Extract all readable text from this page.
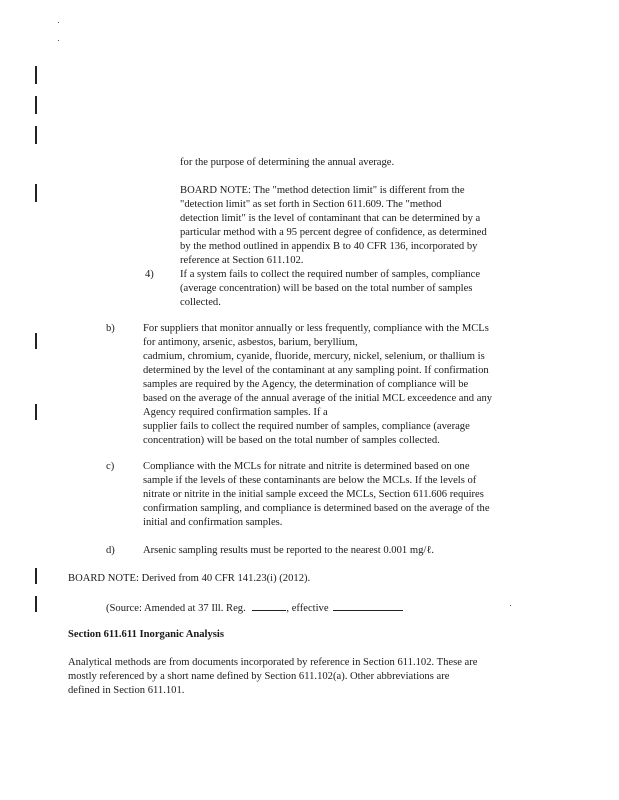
for the purpose of determining the annual average.

BOARD NOTE: The "method detection limit" is different from the

"detection limit" as set forth in Section 611.609. The "method

detection limit" is the level of contaminant that can be determined by a

particular method with a 95 percent degree of confidence, as determined

by the method outlined in appendix B to 40 CFR 136, incorporated by

reference at Section 611.102.

4) If a system fails to collect the required number of samples, compliance

(average concentration) will be based on the total number of samples

collected.

b)	For suppliers that monitor annually or less frequently, compliance with the MCLs

for antimony, arsenic, asbestos, barium, beryllium,

cadmium, chromium, cyanide, fluoride, mercury, nickel, selenium, or thallium is

determined by the level of the contaminant at any sampling point. If confirmation

samples are required by the Agency, the determination of compliance will be

based on the average of the annual average of the initial MCL exceedence and any

Agency required confirmation samples. If a

supplier fails to collect the required number of samples, compliance (average

concentration) will be based on the total number of samples collected.

c)	Compliance with the MCLs for nitrate and nitrite is determined based on one

sample if the levels of these contaminants are below the MCLs. If the levels of

nitrate or nitrite in the initial sample exceed the MCLs, Section 611.606 requires

confirmation sampling, and compliance is determined based on the average of the

initial and confirmation samples.

d)	Arsenic sampling results must be reported to the nearest 0.001 mg/ℓ.

BOARD NOTE: Derived from 40 CFR 141.23(i) (2012).

(Source: Amended at 37 Ill. Reg.	, effective

Section 611.611 Inorganic Analysis

Analytical methods are from documents incorporated by reference in Section 611.102. These are

mostly referenced by a short name defined by Section 611.102(a). Other abbreviations are

defined in Section 611.101.
